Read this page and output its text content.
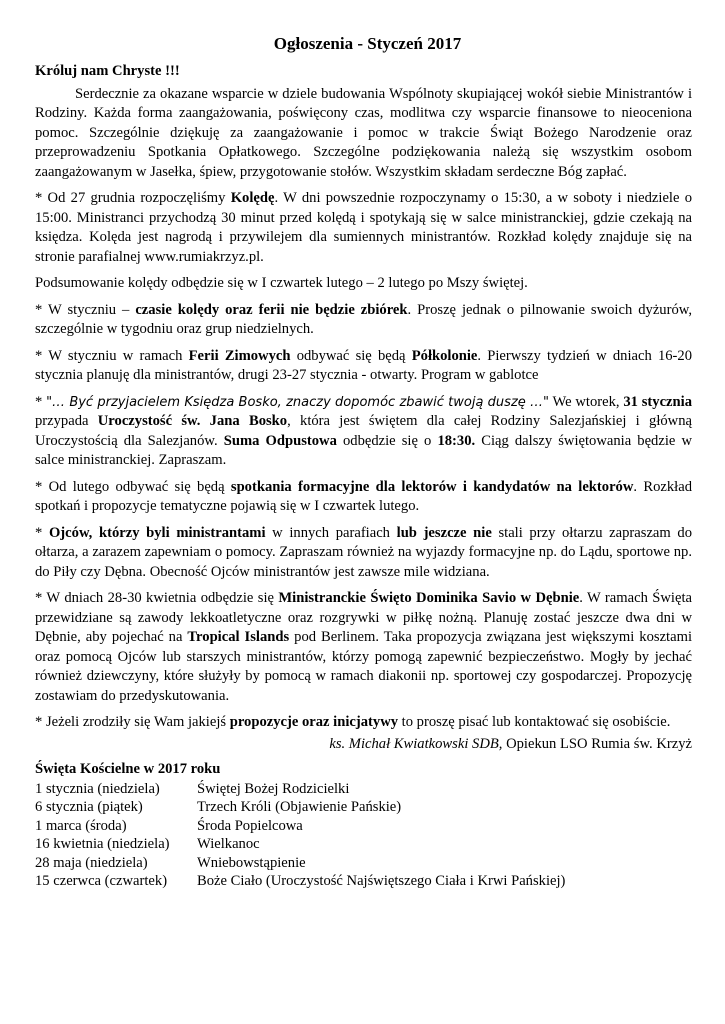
Ogłoszenia - Styczeń 2017

Króluj nam Chryste !!!

Serdecznie za okazane wsparcie w dziele budowania Wspólnoty skupiającej wokół siebie Ministrantów i Rodziny. Każda forma zaangażowania, poświęcony czas, modlitwa czy wsparcie finansowe to nieoceniona pomoc. Szczególnie dziękuję za zaangażowanie i pomoc w trakcie Świąt Bożego Narodzenie oraz przeprowadzeniu Spotkania Opłatkowego. Szczególne podziękowania należą się wszystkim osobom zaangażowanym w Jasełka, śpiew, przygotowanie stołów. Wszystkim składam serdeczne Bóg zapłać.

* Od 27 grudnia rozpoczęliśmy Kolędę. W dni powszednie rozpoczynamy o 15:30, a w soboty i niedziele o 15:00. Ministranci przychodzą 30 minut przed kolędą i spotykają się w salce ministranckiej, gdzie czekają na księdza. Kolęda jest nagrodą i przywilejem dla sumiennych ministrantów. Rozkład kolędy znajduje się na stronie parafialnej www.rumiakrzyz.pl.

Podsumowanie kolędy odbędzie się w I czwartek lutego – 2 lutego po Mszy świętej.

* W styczniu – czasie kolędy oraz ferii nie będzie zbiórek. Proszę jednak o pilnowanie swoich dyżurów, szczególnie w tygodniu oraz grup niedzielnych.

* W styczniu w ramach Ferii Zimowych odbywać się będą Półkolonie. Pierwszy tydzień w dniach 16-20 stycznia planuję dla ministrantów, drugi 23-27 stycznia - otwarty. Program w gablotce

* "… Być przyjacielem Księdza Bosko, znaczy dopomóc zbawić twoją duszę …" We wtorek, 31 stycznia przypada Uroczystość św. Jana Bosko, która jest świętem dla całej Rodziny Salezjańskiej i główną Uroczystością dla Salezjanów. Suma Odpustowa odbędzie się o 18:30. Ciąg dalszy świętowania będzie w salce ministranckiej. Zapraszam.

* Od lutego odbywać się będą spotkania formacyjne dla lektorów i kandydatów na lektorów. Rozkład spotkań i propozycje tematyczne pojawią się w I czwartek lutego.

* Ojców, którzy byli ministrantami w innych parafiach lub jeszcze nie stali przy ołtarzu zapraszam do ołtarza, a zarazem zapewniam o pomocy. Zapraszam również na wyjazdy formacyjne np. do Lądu, sportowe np. do Piły czy Dębna. Obecność Ojców ministrantów jest zawsze mile widziana.

* W dniach 28-30 kwietnia odbędzie się Ministranckie Święto Dominika Savio w Dębnie. W ramach Święta przewidziane są zawody lekkoatletyczne oraz rozgrywki w piłkę nożną. Planuję zostać jeszcze dwa dni w Dębnie, aby pojechać na Tropical Islands pod Berlinem. Taka propozycja związana jest większymi kosztami oraz pomocą Ojców lub starszych ministrantów, którzy pomogą zapewnić bezpieczeństwo. Mogły by jechać również dziewczyny, które służyły by pomocą w ramach diakonii np. sportowej czy gospodarczej. Propozycję zostawiam do przedyskutowania.

* Jeżeli zrodziły się Wam jakiejś propozycje oraz inicjatywy to proszę pisać lub kontaktować się osobiście.

ks. Michał Kwiatkowski SDB, Opiekun LSO Rumia św. Krzyż

Święta Kościelne w 2017 roku

1 stycznia (niedziela)	Świętej Bożej Rodzicielki
6 stycznia (piątek)	Trzech Króli (Objawienie Pańskie)
1 marca (środa)	Środa Popielcowa
16 kwietnia (niedziela)	Wielkanoc
28 maja (niedziela)	Wniebowstąpienie
15 czerwca (czwartek)	Boże Ciało (Uroczystość Najświętszego Ciała i Krwi Pańskiej)
